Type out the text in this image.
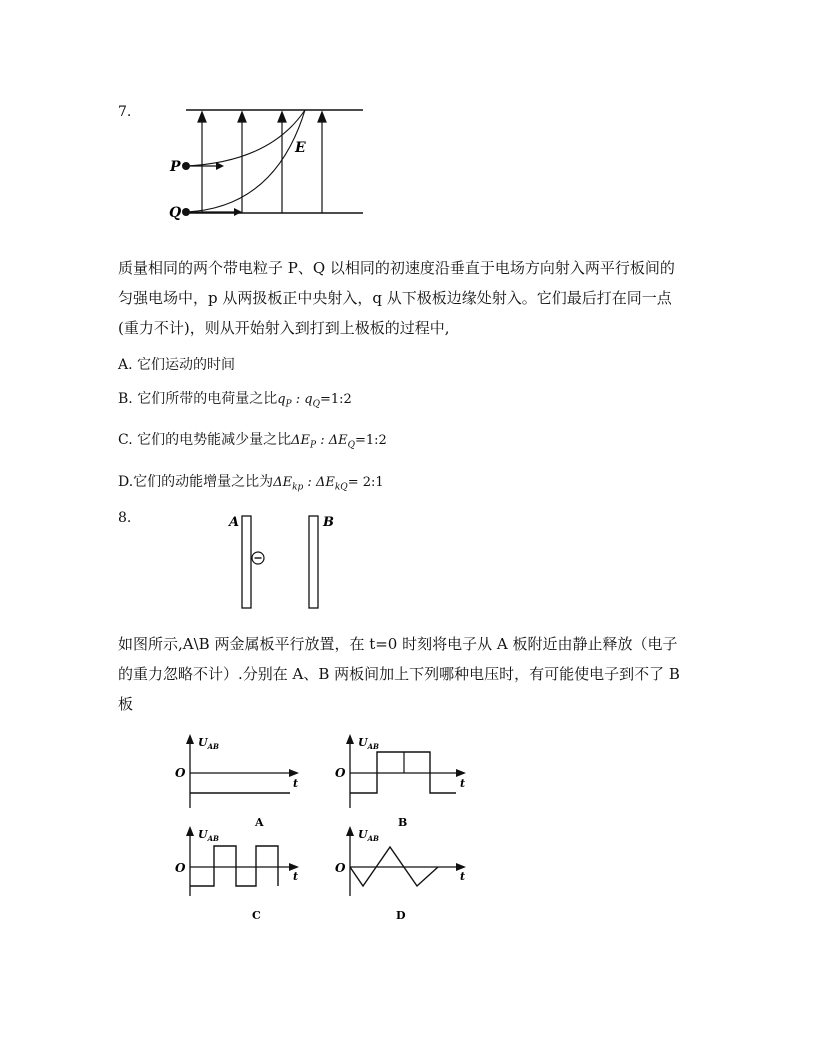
7.
P
Q
E
质量相同的两个带电粒子 P、Q 以相同的初速度沿垂直于电场方向射入两平行板间的
匀强电场中，p 从两扱板正中央射入，q 从下极板边缘处射入。它们最后打在同一点
(重力不计)，则从开始射入到打到上极板的过程中,
A. 它们运动的时间
B. 它们所带的电荷量之比$q_P$ : $q_Q=1:2$
C. 它们的电势能减少量之比$\Delta E_P$ : $\Delta E_Q=1:2$
D.它们的动能增量之比为$\Delta E_{kp}$ : $\Delta E_{kQ}=$ 2:1
8.	A	B
如图所示,A\B 两金属板平行放置，在 t=0 时刻将电子从 A 板附近由静止释放（电子
的重力忽略不计）.分别在 A、B 两板间加上下列哪种电压时，有可能使电子到不了 B
板
$U_{AB}$
O
t
A
$U_{AB}$
O
t
B
$U_{AB}$
O
t
C
$U_{AB}$
O
t
D
